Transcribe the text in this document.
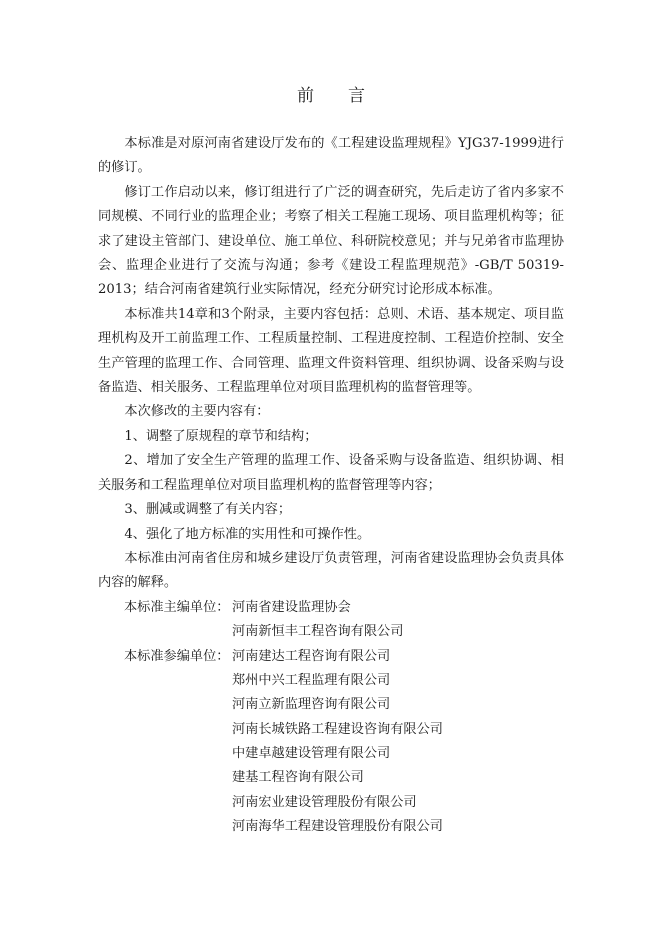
前 言

本标准是对原河南省建设厅发布的《工程建设监理规程》YJG37-1999进行的修订。

修订工作启动以来，修订组进行了广泛的调查研究，先后走访了省内多家不同规模、不同行业的监理企业；考察了相关工程施工现场、项目监理机构等；征求了建设主管部门、建设单位、施工单位、科研院校意见；并与兄弟省市监理协会、监理企业进行了交流与沟通；参考《建设工程监理规范》-GB/T 50319-2013；结合河南省建筑行业实际情况，经充分研究讨论形成本标准。

本标准共14章和3个附录，主要内容包括：总则、术语、基本规定、项目监理机构及开工前监理工作、工程质量控制、工程进度控制、工程造价控制、安全生产管理的监理工作、合同管理、监理文件资料管理、组织协调、设备采购与设备监造、相关服务、工程监理单位对项目监理机构的监督管理等。

本次修改的主要内容有：

1、调整了原规程的章节和结构；

2、增加了安全生产管理的监理工作、设备采购与设备监造、组织协调、相关服务和工程监理单位对项目监理机构的监督管理等内容；

3、删减或调整了有关内容；

4、强化了地方标准的实用性和可操作性。

本标准由河南省住房和城乡建设厅负责管理，河南省建设监理协会负责具体内容的解释。

本标准主编单位： 河南省建设监理协会
河南新恒丰工程咨询有限公司
本标准参编单位： 河南建达工程咨询有限公司
郑州中兴工程监理有限公司
河南立新监理咨询有限公司
河南长城铁路工程建设咨询有限公司
中建卓越建设管理有限公司
建基工程咨询有限公司
河南宏业建设管理股份有限公司
河南海华工程建设管理股份有限公司
